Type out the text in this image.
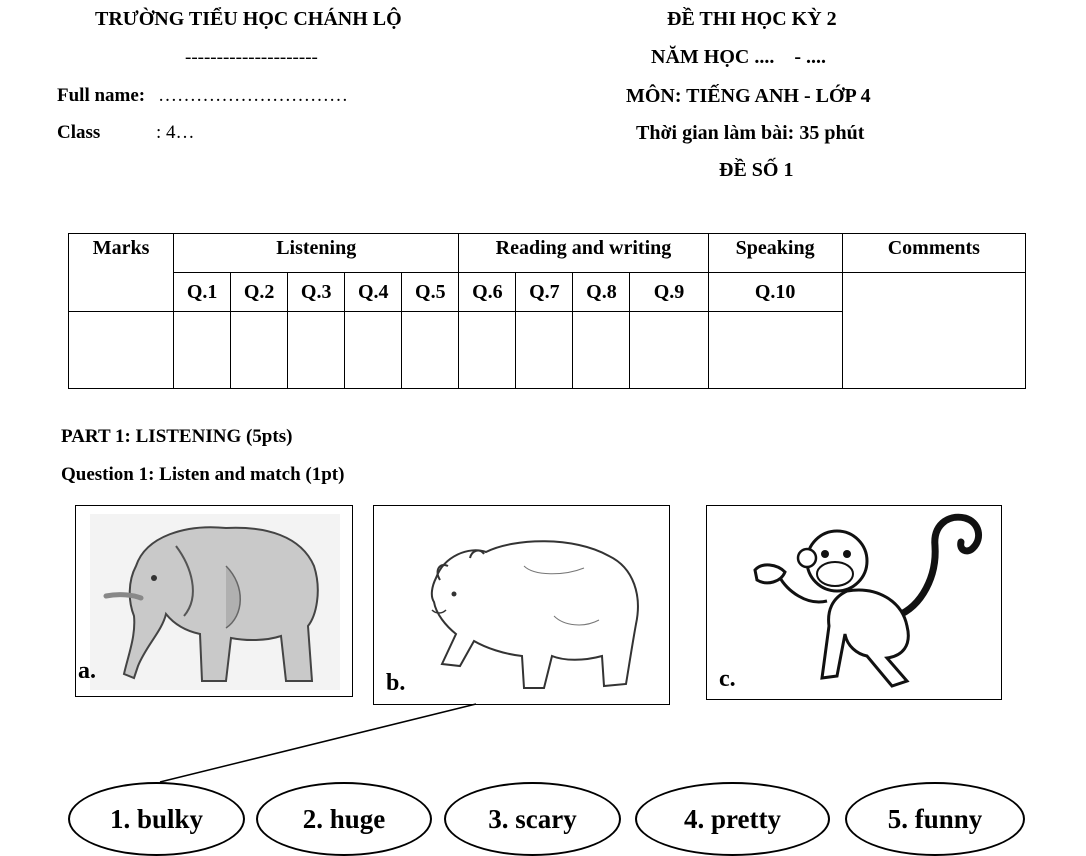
TRƯỜNG TIỂU HỌC CHÁNH LỘ
---------------------
Full name: …………………………
Class	: 4…
ĐỀ THI HỌC KỲ 2
NĂM HỌC ....    - ....
MÔN: TIẾNG ANH - LỚP 4
Thời gian làm bài: 35 phút
ĐỀ SỐ 1
Marks	Listening					Reading and writing				Speaking	Comments
	Q.1	Q.2	Q.3	Q.4	Q.5	Q.6	Q.7	Q.8	Q.9	Q.10	

PART 1: LISTENING (5pts)
Question 1: Listen and match (1pt)
a.	b.	c.
1. bulky	2. huge	3. scary	4. pretty	5. funny
